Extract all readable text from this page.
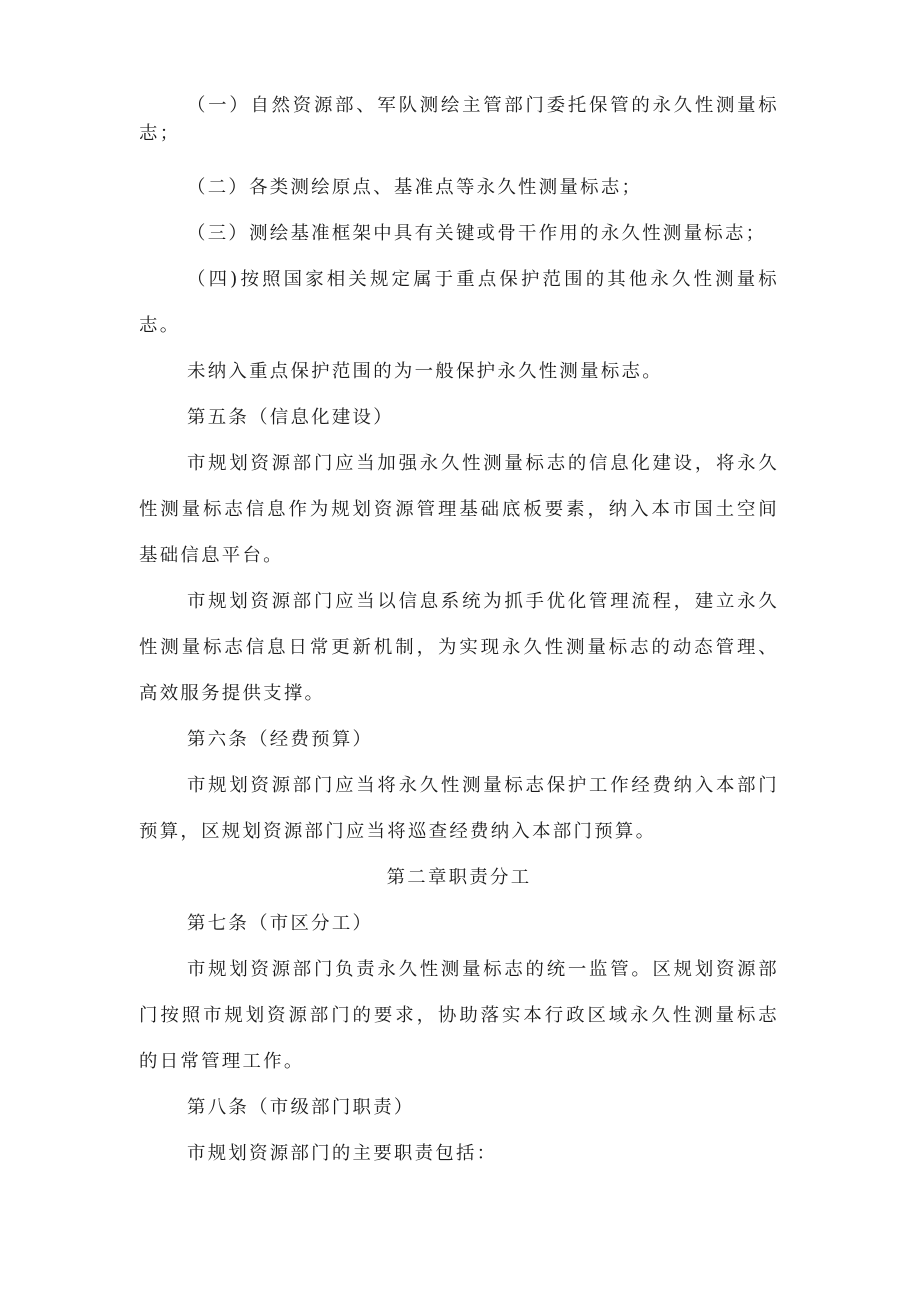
（一）自然资源部、军队测绘主管部门委托保管的永久性测量标志；

（二）各类测绘原点、基准点等永久性测量标志；

（三）测绘基准框架中具有关键或骨干作用的永久性测量标志；

（四)按照国家相关规定属于重点保护范围的其他永久性测量标志。

未纳入重点保护范围的为一般保护永久性测量标志。

第五条（信息化建设）

市规划资源部门应当加强永久性测量标志的信息化建设，将永久性测量标志信息作为规划资源管理基础底板要素，纳入本市国土空间基础信息平台。

市规划资源部门应当以信息系统为抓手优化管理流程，建立永久性测量标志信息日常更新机制，为实现永久性测量标志的动态管理、高效服务提供支撑。

第六条（经费预算）

市规划资源部门应当将永久性测量标志保护工作经费纳入本部门预算，区规划资源部门应当将巡查经费纳入本部门预算。

第二章职责分工

第七条（市区分工）

市规划资源部门负责永久性测量标志的统一监管。区规划资源部门按照市规划资源部门的要求，协助落实本行政区域永久性测量标志的日常管理工作。

第八条（市级部门职责）

市规划资源部门的主要职责包括：
